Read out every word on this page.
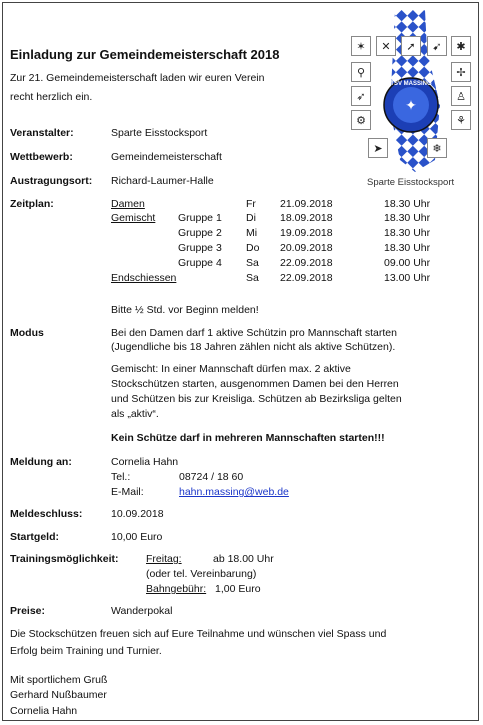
TSV MASSING
✦
✶	✕	➚	➹	✱
⚲	✢
➶	♙
⚙	⚘
➤	❄
Sparte Eisstocksport
Einladung zur Gemeindemeisterschaft 2018
Zur 21. Gemeindemeisterschaft laden wir euren Verein
recht herzlich ein.
Veranstalter:	Sparte Eisstocksport
Wettbewerb:	Gemeindemeisterschaft
Austragungsort: Richard-Laumer-Halle
Zeitplan:	Damen	Fr 21.09.2018	18.30 Uhr
Gemischt Gruppe 1 Di 18.09.2018	18.30 Uhr
Gruppe 2 Mi 19.09.2018	18.30 Uhr
Gruppe 3 Do 20.09.2018	18.30 Uhr
Gruppe 4 Sa 22.09.2018	09.00 Uhr
Endschiessen	Sa 22.09.2018	13.00 Uhr
Bitte ½ Std. vor Beginn melden!
Modus	Bei den Damen darf 1 aktive Schützin pro Mannschaft starten
(Jugendliche bis 18 Jahren zählen nicht als aktive Schützen).
Gemischt: In einer Mannschaft dürfen max. 2 aktive
Stockschützen starten, ausgenommen Damen bei den Herren
und Schützen bis zur Kreisliga. Schützen ab Bezirksliga gelten
als „aktiv“.
Kein Schütze darf in mehreren Mannschaften starten!!!
Meldung an:	Cornelia Hahn
Tel.:	08724 / 18 60
E-Mail:	hahn.massing@web.de
Meldeschluss:	10.09.2018
Startgeld:	10,00 Euro
Trainingsmöglichkeit:	Freitag:	ab 18.00 Uhr
(oder tel. Vereinbarung)
Bahngebühr: 1,00 Euro
Preise:	Wanderpokal
Die Stockschützen freuen sich auf Eure Teilnahme und wünschen viel Spass und
Erfolg beim Training und Turnier.
Mit sportlichem Gruß
Gerhard Nußbaumer
Cornelia Hahn
